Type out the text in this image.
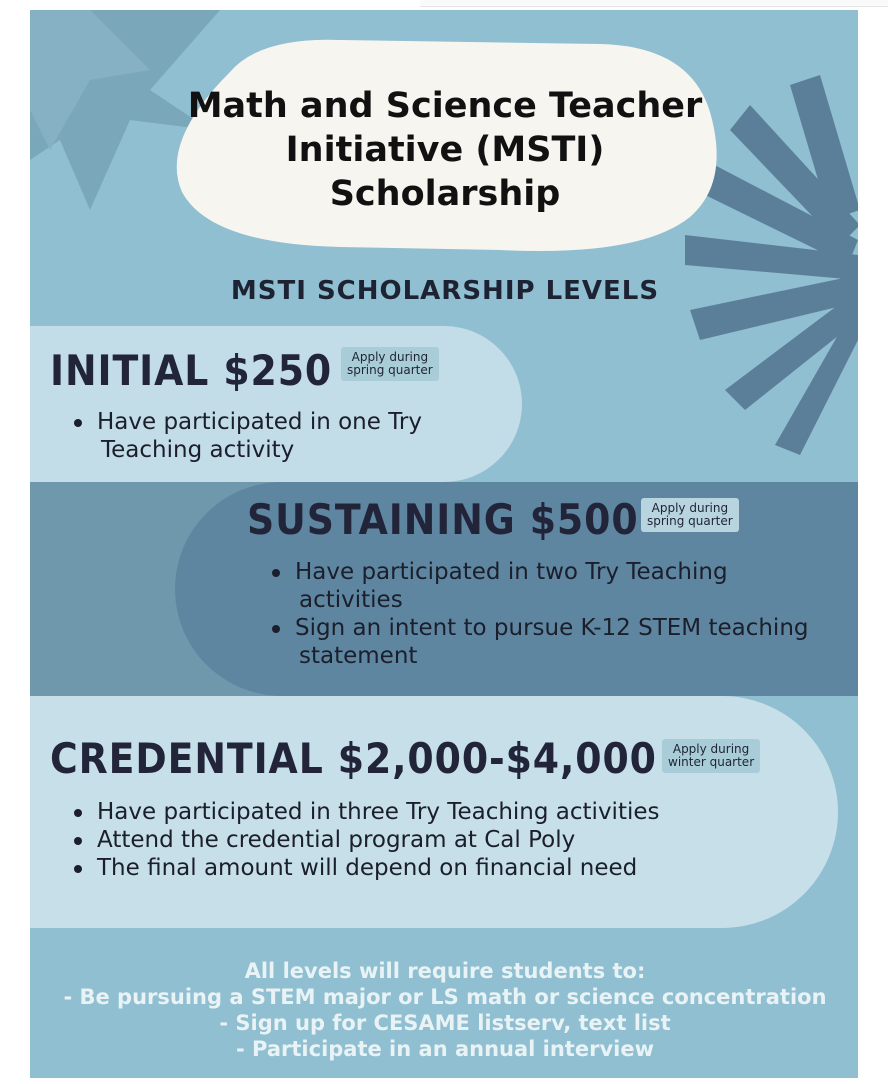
Math and Science Teacher
Initiative (MSTI)
Scholarship
MSTI SCHOLARSHIP LEVELS
INITIAL $250	Apply during
spring quarter
Have participated in one Try
Teaching activity
SUSTAINING $500	Apply during
spring quarter
Have participated in two Try Teaching
activities
Sign an intent to pursue K-12 STEM teaching
statement
CREDENTIAL $2,000-$4,000	Apply during
winter quarter
Have participated in three Try Teaching activities
Attend the credential program at Cal Poly
The final amount will depend on financial need
All levels will require students to:
- Be pursuing a STEM major or LS math or science concentration
- Sign up for CESAME listserv, text list
- Participate in an annual interview
